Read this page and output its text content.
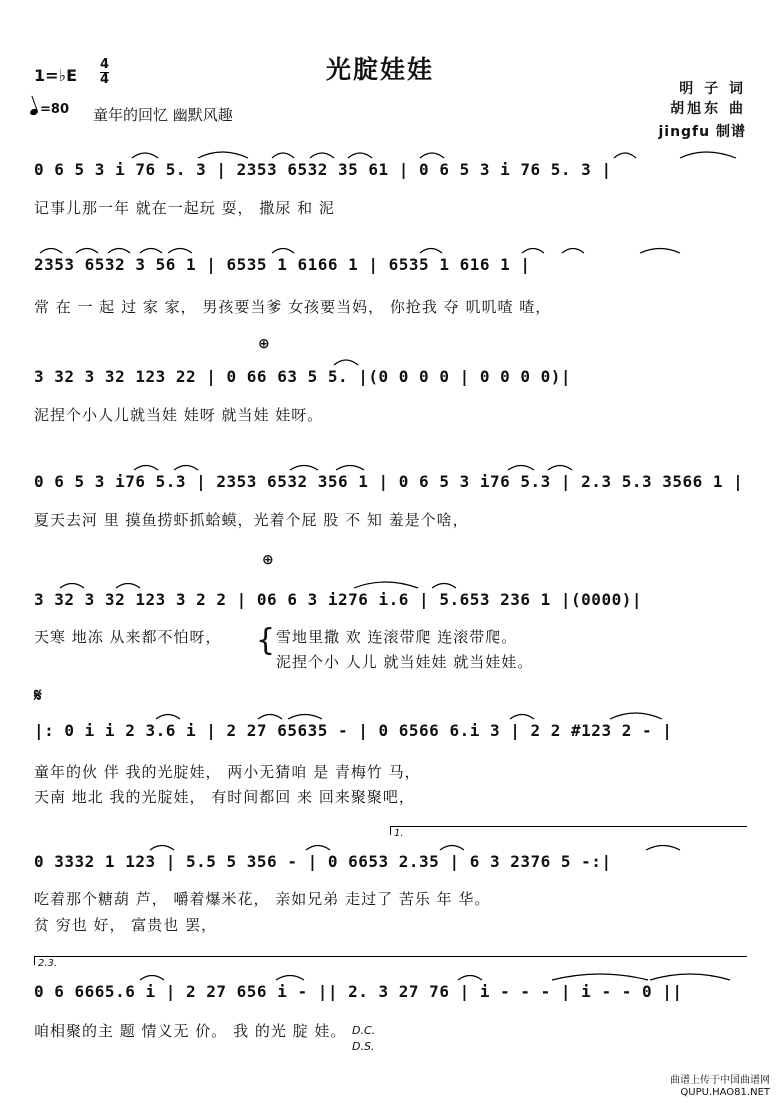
光腚娃娃
1=♭E
4
4
=80 童年的回忆 幽默风趣
明 子 词
胡旭东 曲
jingfu 制谱
0 6 5 3 i 76 5. 3 | 2353 6532 35 61 | 0 6 5 3 i 76 5. 3 |
记事儿那一年 就在一起玩 耍， 撒尿 和 泥
2353 6532 3 56 1 | 6535 1 6166 1 | 6535 1 616 1 |
常 在 一 起 过 家 家， 男孩要当爹 女孩要当妈， 你抢我 夺 叽叽喳 喳，
⊕
3 32 3 32 123 22 | 0 66 63 5 5. |(0 0 0 0 | 0 0 0 0)|
泥捏个小人儿就当娃 娃呀 就当娃 娃呀。
0 6 5 3 i76 5.3 | 2353 6532 356 1 | 0 6 5 3 i76 5.3 | 2.3 5.3 3566 1 |
夏天去河 里 摸鱼捞虾抓蛤蟆，光着个屁 股 不 知 羞是个啥，
⊕
3 32 3 32 123 3 2 2 | 06 6 3 i276 i.6 | 5.653 236 1 |(0000)|
天寒 地冻 从来都不怕呀，	{ 雪地里撒 欢 连滚带爬 连滚带爬。
泥捏个小 人儿 就当娃娃 就当娃娃。
𝄋
|: 0 i i 2 3.6 i | 2 27 65635 - | 0 6566 6.i 3 | 2 2 #123 2 - |
童年的伙 伴 我的光腚娃， 两小无猜咱 是 青梅竹 马，
天南 地北 我的光腚娃， 有时间都回 来 回来聚聚吧，
1.
0 3332 1 123 | 5.5 5 356 - | 0 6653 2.35 | 6 3 2376 5 -:|
吃着那个糖葫 芦， 嚼着爆米花， 亲如兄弟 走过了 苦乐 年 华。
贫 穷也 好， 富贵也 罢，
2.3.
0 6 6665.6 i | 2 27 656 i - || 2. 3 27 76 | i - - - | i - - 0 ||
咱相聚的主 题 情义无 价。 我 的光 腚 娃。 D.C.
D.S.
曲谱上传于中国曲谱网
QUPU.HAO81.NET
